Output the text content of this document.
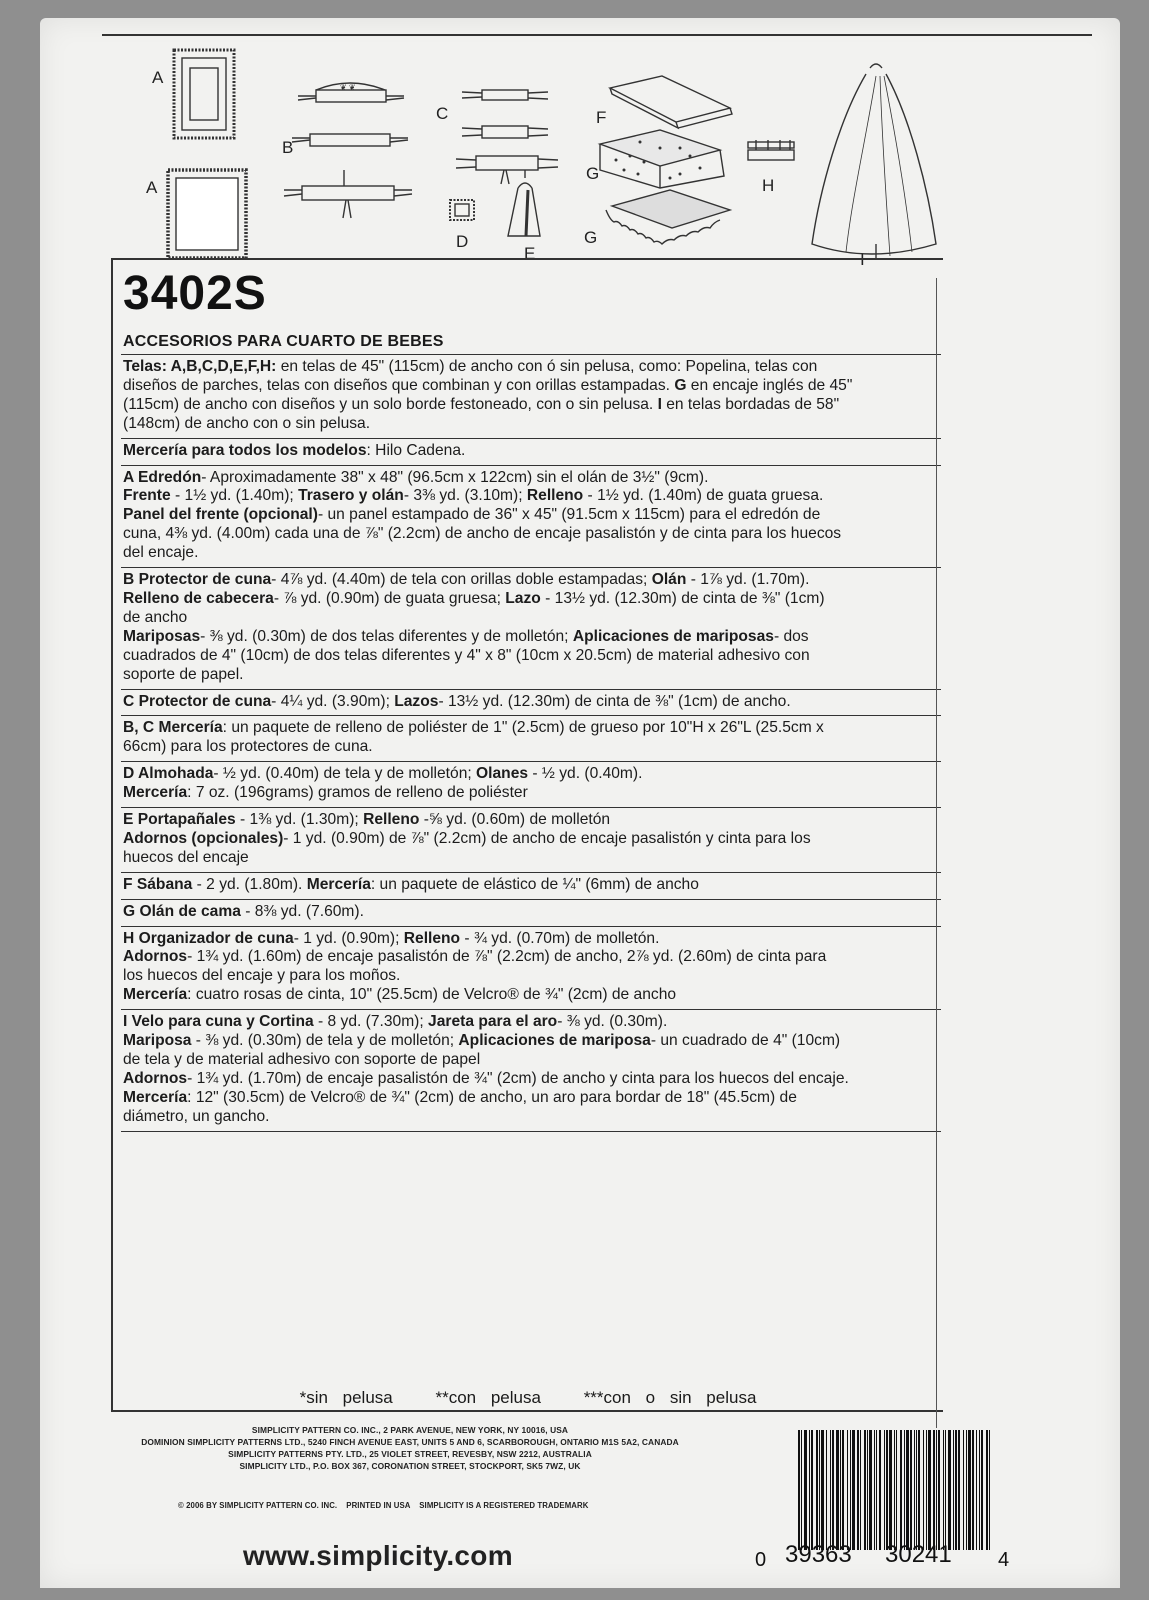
❦ ❦
A
A
B
C
D
E
F
G
G
H
I
3402S
ACCESORIOS PARA CUARTO DE BEBES
Telas: A,B,C,D,E,F,H: en telas de 45" (115cm) de ancho con ó sin pelusa, como: Popelina, telas con
diseños de parches, telas con diseños que combinan y con orillas estampadas. G en encaje inglés de 45"
(115cm) de ancho con diseños y un solo borde festoneado, con o sin pelusa. I en telas bordadas de 58"
(148cm) de ancho con o sin pelusa.
Mercería para todos los modelos: Hilo Cadena.
A Edredón- Aproximadamente 38" x 48" (96.5cm x 122cm) sin el olán de 3½" (9cm).
Frente - 1½ yd. (1.40m); Trasero y olán- 3⅜ yd. (3.10m); Relleno - 1½ yd. (1.40m) de guata gruesa.
Panel del frente (opcional)- un panel estampado de 36" x 45" (91.5cm x 115cm) para el edredón de
cuna, 4⅜ yd. (4.00m) cada una de ⅞" (2.2cm) de ancho de encaje pasalistón y de cinta para los huecos
del encaje.
B Protector de cuna- 4⅞ yd. (4.40m) de tela con orillas doble estampadas; Olán - 1⅞ yd. (1.70m).
Relleno de cabecera- ⅞ yd. (0.90m) de guata gruesa; Lazo - 13½ yd. (12.30m) de cinta de ⅜" (1cm)
de ancho
Mariposas- ⅜ yd. (0.30m) de dos telas diferentes y de molletón; Aplicaciones de mariposas- dos
cuadrados de 4" (10cm) de dos telas diferentes y 4" x 8" (10cm x 20.5cm) de material adhesivo con
soporte de papel.
C Protector de cuna- 4¼ yd. (3.90m); Lazos- 13½ yd. (12.30m) de cinta de ⅜" (1cm) de ancho.
B, C Mercería: un paquete de relleno de poliéster de 1" (2.5cm) de grueso por 10"H x 26"L (25.5cm x
66cm) para los protectores de cuna.
D Almohada- ½ yd. (0.40m) de tela y de molletón; Olanes - ½ yd. (0.40m).
Mercería: 7 oz. (196grams) gramos de relleno de poliéster
E Portapañales - 1⅜ yd. (1.30m); Relleno -⅝ yd. (0.60m) de molletón
Adornos (opcionales)- 1 yd. (0.90m) de ⅞" (2.2cm) de ancho de encaje pasalistón y cinta para los
huecos del encaje
F Sábana - 2 yd. (1.80m). Mercería: un paquete de elástico de ¼" (6mm) de ancho
G Olán de cama - 8⅜ yd. (7.60m).
H Organizador de cuna- 1 yd. (0.90m); Relleno - ¾ yd. (0.70m) de molletón.
Adornos- 1¾ yd. (1.60m) de encaje pasalistón de ⅞" (2.2cm) de ancho, 2⅞ yd. (2.60m) de cinta para
los huecos del encaje y para los moños.
Mercería: cuatro rosas de cinta, 10" (25.5cm) de Velcro® de ¾" (2cm) de ancho
I Velo para cuna y Cortina - 8 yd. (7.30m); Jareta para el aro- ⅜ yd. (0.30m).
Mariposa - ⅜ yd. (0.30m) de tela y de molletón; Aplicaciones de mariposa- un cuadrado de 4" (10cm)
de tela y de material adhesivo con soporte de papel
Adornos- 1¾ yd. (1.70m) de encaje pasalistón de ¾" (2cm) de ancho y cinta para los huecos del encaje.
Mercería: 12" (30.5cm) de Velcro® de ¾" (2cm) de ancho, un aro para bordar de 18" (45.5cm) de
diámetro, un gancho.
*sin pelusa	**con pelusa	***con o sin pelusa
SIMPLICITY PATTERN CO. INC., 2 PARK AVENUE, NEW YORK, NY 10016, USA
DOMINION SIMPLICITY PATTERNS LTD., 5240 FINCH AVENUE EAST, UNITS 5 AND 6, SCARBOROUGH, ONTARIO M1S 5A2, CANADA
SIMPLICITY PATTERNS PTY. LTD., 25 VIOLET STREET, REVESBY, NSW 2212, AUSTRALIA
SIMPLICITY LTD., P.O. BOX 367, CORONATION STREET, STOCKPORT, SK5 7WZ, UK
© 2006 BY SIMPLICITY PATTERN CO. INC.    PRINTED IN USA    SIMPLICITY IS A REGISTERED TRADEMARK
www.simplicity.com	0 39363 30241 4
